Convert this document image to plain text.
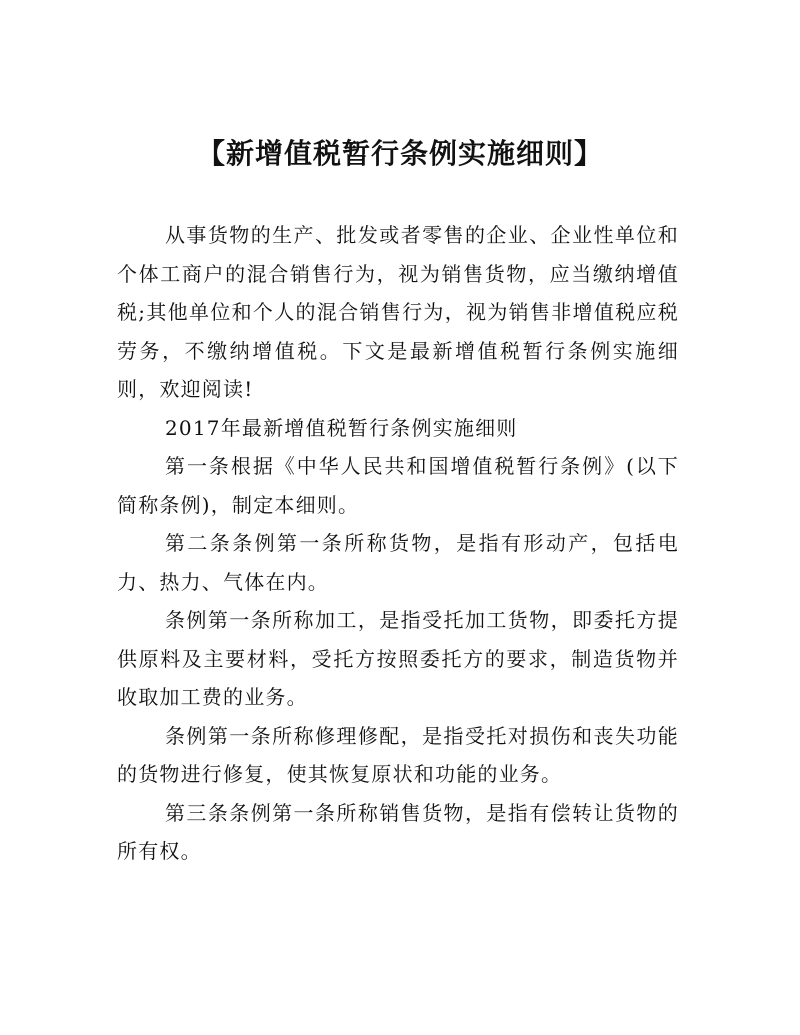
【新增值税暂行条例实施细则】

从事货物的生产、批发或者零售的企业、企业性单位和个体工商户的混合销售行为，视为销售货物，应当缴纳增值税;其他单位和个人的混合销售行为，视为销售非增值税应税劳务，不缴纳增值税。下文是最新增值税暂行条例实施细则，欢迎阅读!

2017年最新增值税暂行条例实施细则

第一条根据《中华人民共和国增值税暂行条例》(以下简称条例)，制定本细则。

第二条条例第一条所称货物，是指有形动产，包括电力、热力、气体在内。

条例第一条所称加工，是指受托加工货物，即委托方提供原料及主要材料，受托方按照委托方的要求，制造货物并收取加工费的业务。

条例第一条所称修理修配，是指受托对损伤和丧失功能的货物进行修复，使其恢复原状和功能的业务。

第三条条例第一条所称销售货物，是指有偿转让货物的所有权。
